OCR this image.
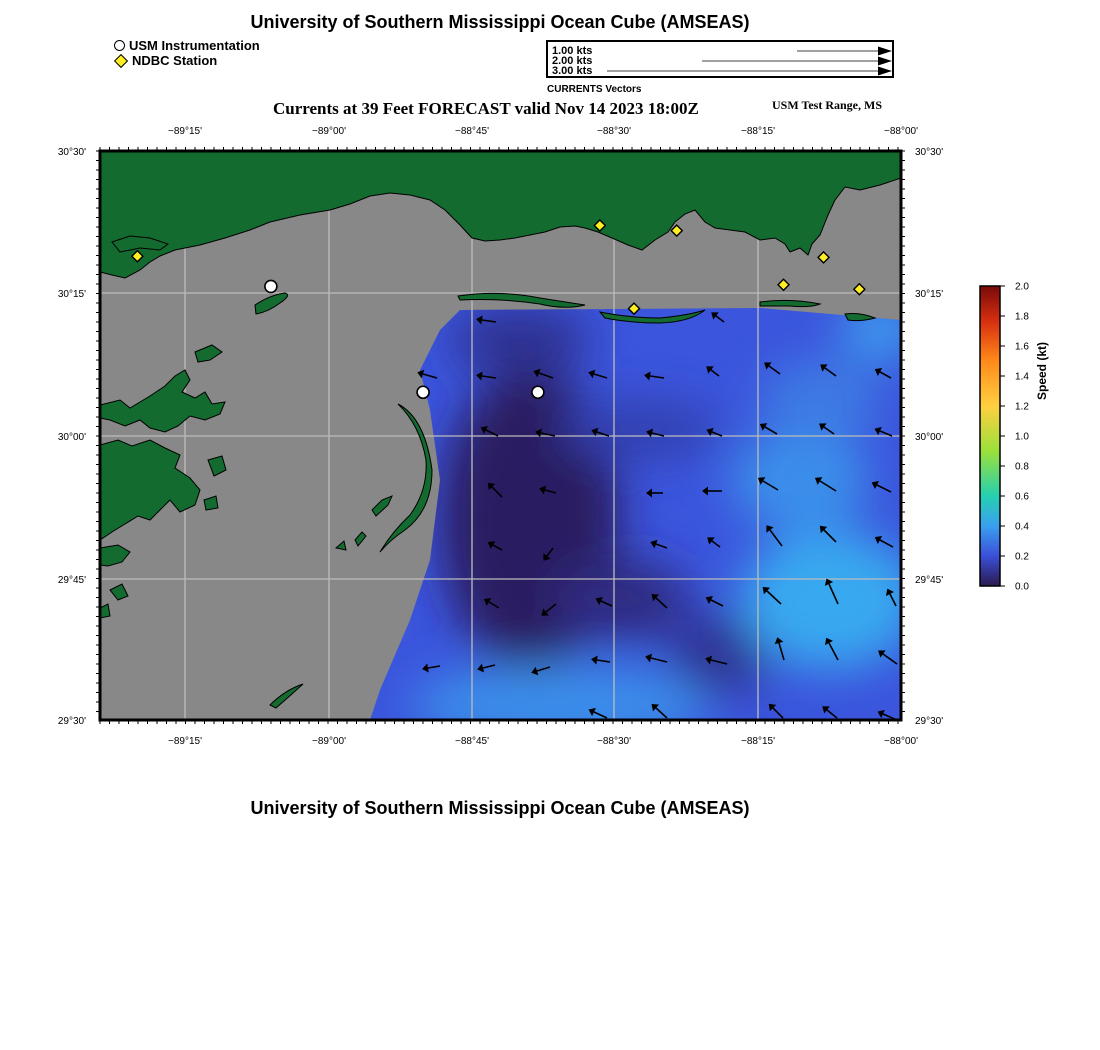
University of Southern Mississippi Ocean Cube (AMSEAS)
USM Instrumentation
NDBC Station
1.00 kts
2.00 kts
3.00 kts
CURRENTS Vectors
Currents at 39 Feet FORECAST valid Nov 14 2023 18:00Z	USM Test Range, MS
−89°15'	−89°00'	−88°45'	−88°30'	−88°15'	−88°00'
−89°15'	−89°00'	−88°45'	−88°30'	−88°15'	−88°00'
30°30'
30°15'
30°00'
29°45'
29°30'
30°30'
30°15'
30°00'
29°45'
29°30'
2.0
1.8
1.6
1.4
1.2
1.0
0.8
0.6
0.4
0.2
0.0
Speed (kt)
University of Southern Mississippi Ocean Cube (AMSEAS)
